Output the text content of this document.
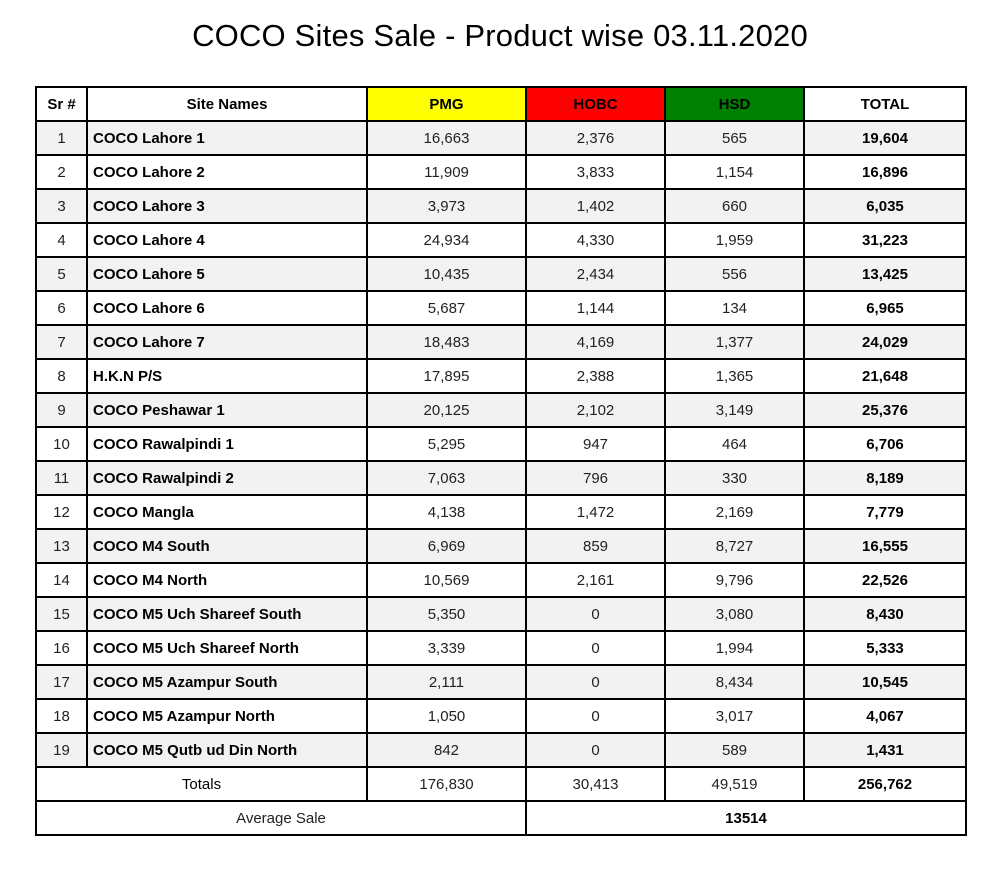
COCO Sites Sale - Product wise 03.11.2020
Sr #	Site Names	PMG	HOBC	HSD	TOTAL
1	COCO Lahore 1	16,663	2,376	565	19,604
2	COCO Lahore 2	11,909	3,833	1,154	16,896
3	COCO Lahore 3	3,973	1,402	660	6,035
4	COCO Lahore 4	24,934	4,330	1,959	31,223
5	COCO Lahore 5	10,435	2,434	556	13,425
6	COCO Lahore 6	5,687	1,144	134	6,965
7	COCO Lahore 7	18,483	4,169	1,377	24,029
8	H.K.N P/S	17,895	2,388	1,365	21,648
9	COCO Peshawar 1	20,125	2,102	3,149	25,376
10	COCO Rawalpindi 1	5,295	947	464	6,706
11	COCO Rawalpindi 2	7,063	796	330	8,189
12	COCO Mangla	4,138	1,472	2,169	7,779
13	COCO M4 South	6,969	859	8,727	16,555
14	COCO M4 North	10,569	2,161	9,796	22,526
15	COCO M5 Uch Shareef South	5,350	0	3,080	8,430
16	COCO M5 Uch Shareef North	3,339	0	1,994	5,333
17	COCO M5 Azampur South	2,111	0	8,434	10,545
18	COCO M5 Azampur North	1,050	0	3,017	4,067
19	COCO M5 Qutb ud Din North	842	0	589	1,431
Totals		176,830	30,413	49,519	256,762
Average Sale			13514		
